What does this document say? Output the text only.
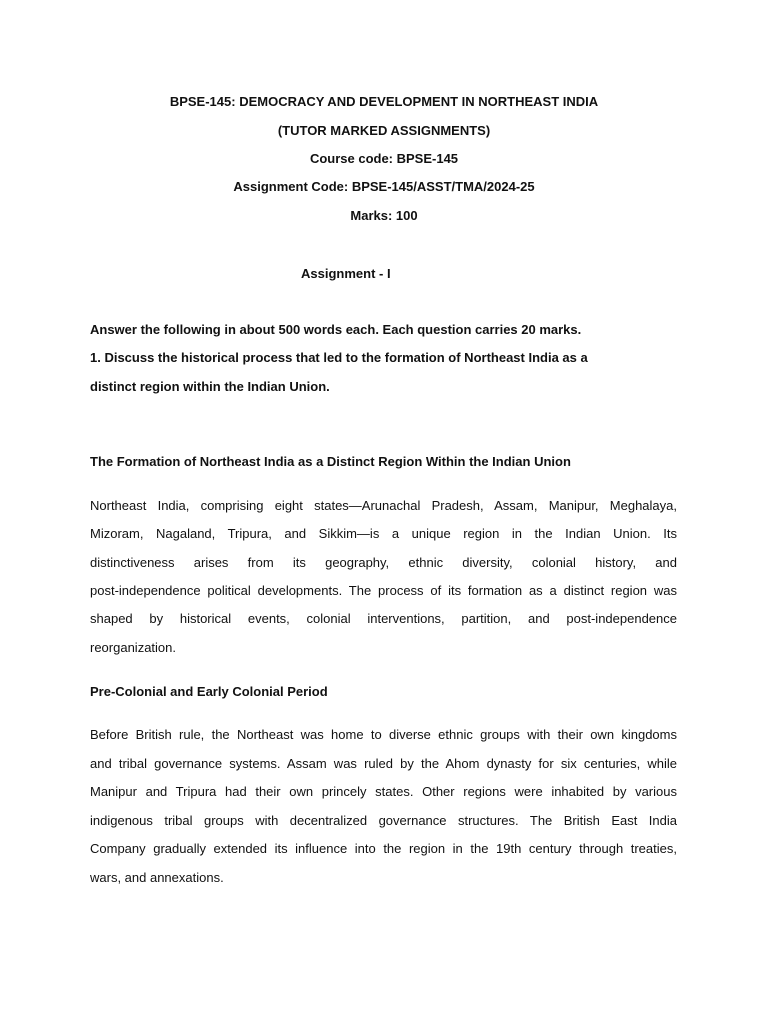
BPSE-145: DEMOCRACY AND DEVELOPMENT IN NORTHEAST INDIA
(TUTOR MARKED ASSIGNMENTS)
Course code: BPSE-145
Assignment Code: BPSE-145/ASST/TMA/2024-25
Marks: 100
Assignment - I
Answer the following in about 500 words each. Each question carries 20 marks.
1. Discuss the historical process that led to the formation of Northeast India as a
distinct region within the Indian Union.
The Formation of Northeast India as a Distinct Region Within the Indian Union
Northeast India, comprising eight states—Arunachal Pradesh, Assam, Manipur, Meghalaya,
Mizoram, Nagaland, Tripura, and Sikkim—is a unique region in the Indian Union. Its
distinctiveness arises from its geography, ethnic diversity, colonial history, and
post-independence political developments. The process of its formation as a distinct region was
shaped by historical events, colonial interventions, partition, and post-independence
reorganization.
Pre-Colonial and Early Colonial Period
Before British rule, the Northeast was home to diverse ethnic groups with their own kingdoms
and tribal governance systems. Assam was ruled by the Ahom dynasty for six centuries, while
Manipur and Tripura had their own princely states. Other regions were inhabited by various
indigenous tribal groups with decentralized governance structures. The British East India
Company gradually extended its influence into the region in the 19th century through treaties,
wars, and annexations.
